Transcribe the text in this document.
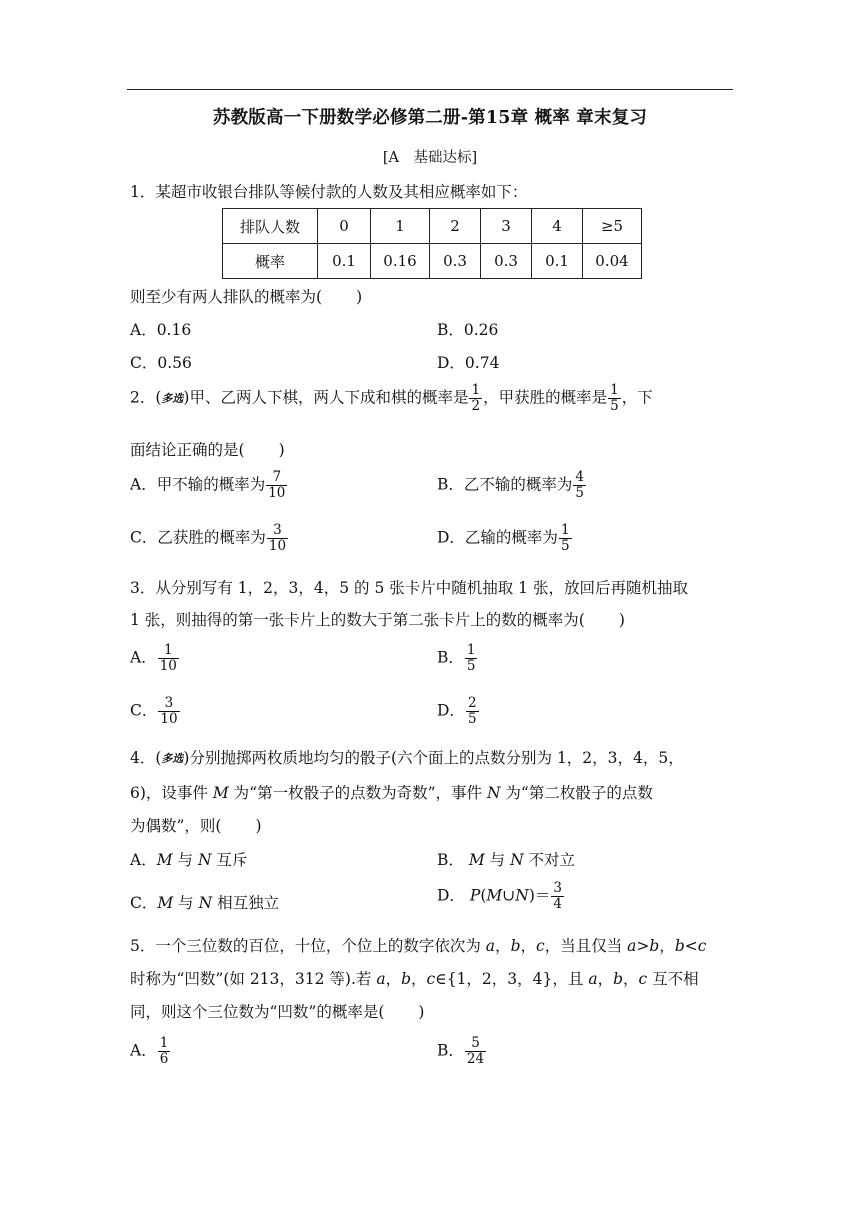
苏教版高一下册数学必修第二册-第15章 概率 章末复习
[A　基础达标]
1．某超市收银台排队等候付款的人数及其相应概率如下：
排队人数	0	1	2	3	4	≥5
概率	0.1	0.16	0.3	0.3	0.1	0.04
则至少有两人排队的概率为( )
A．0.16	B．0.26
C．0.56	D．0.74
2．(多选)甲、乙两人下棋，两人下成和棋的概率是 $\frac{1}{2}$ ，甲获胜的概率是 $\frac{1}{5}$ ，下
面结论正确的是( )
A．甲不输的概率为 $\frac{7}{10}$	B．乙不输的概率为 $\frac{4}{5}$
C．乙获胜的概率为 $\frac{3}{10}$	D．乙输的概率为 $\frac{1}{5}$
3．从分别写有 1，2，3，4，5 的 5 张卡片中随机抽取 1 张，放回后再随机抽取
1 张，则抽得的第一张卡片上的数大于第二张卡片上的数的概率为( )
A． $\frac{1}{10}$	B． $\frac{1}{5}$
C． $\frac{3}{10}$	D． $\frac{2}{5}$
4．(多选)分别抛掷两枚质地均匀的骰子(六个面上的点数分别为 1，2，3，4，5，
6)，设事件 M 为“第一枚骰子的点数为奇数”，事件 N 为“第二枚骰子的点数
为偶数”，则( )
A．M 与 N 互斥	B． M 与 N 不对立
C．M 与 N 相互独立	D． P(M∪N)＝ $\frac{3}{4}$
5．一个三位数的百位，十位，个位上的数字依次为 a，b，c，当且仅当 a>b，b<c
时称为“凹数”(如 213，312 等).若 a，b，c∈{1，2，3，4}，且 a，b，c 互不相
同，则这个三位数为“凹数”的概率是( )
A． $\frac{1}{6}$	B． $\frac{5}{24}$
